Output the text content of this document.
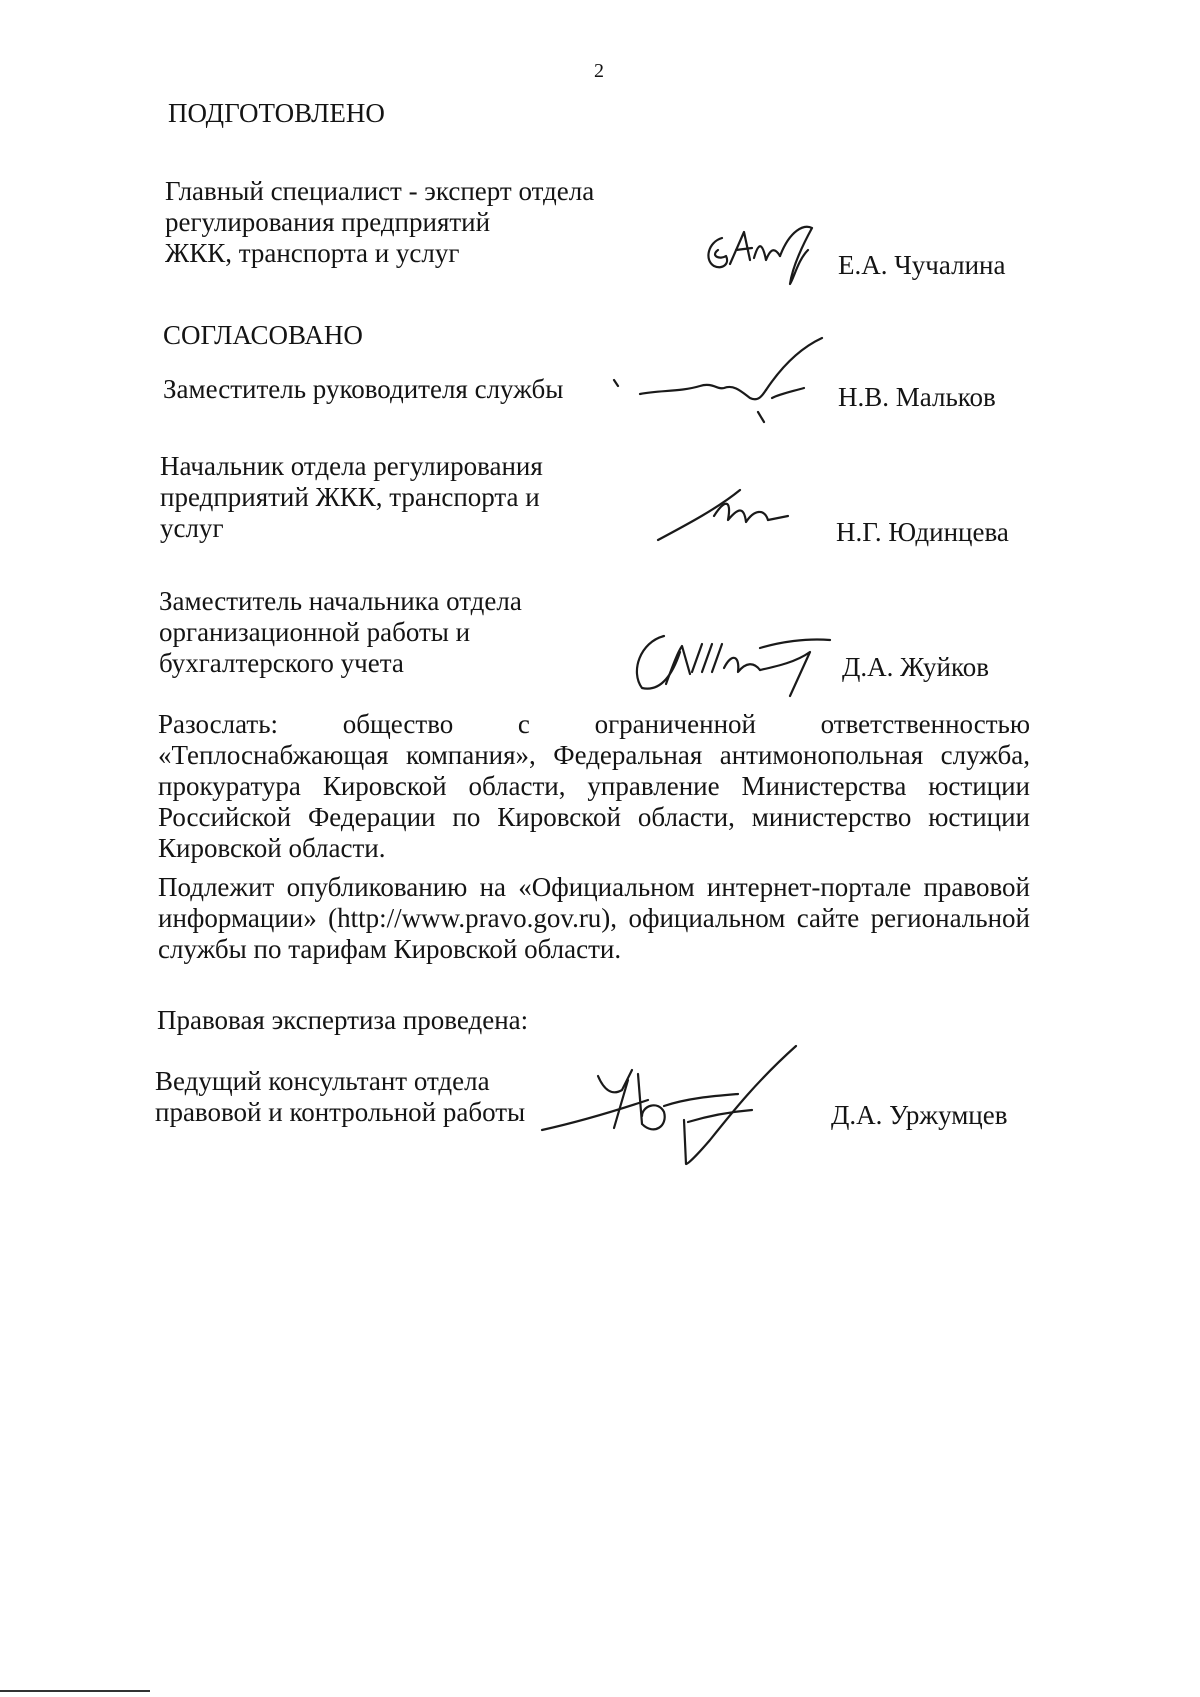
2
ПОДГОТОВЛЕНО
Главный специалист - эксперт отдела
регулирования предприятий
ЖКК, транспорта и услуг	Е.А. Чучалина
СОГЛАСОВАНО
Заместитель руководителя службы	Н.В. Мальков
Начальник отдела регулирования
предприятий ЖКК, транспорта и
услуг	Н.Г. Юдинцева
Заместитель начальника отдела
организационной работы и
бухгалтерского учета	Д.А. Жуйков
Разослать: общество с ограниченной ответственностью «Теплоснабжающая компания», Федеральная антимонопольная служба, прокуратура Кировской области, управление Министерства юстиции Российской Федерации по Кировской области, министерство юстиции Кировской области.
Подлежит опубликованию на «Официальном интернет-портале правовой информации» (http://www.pravo.gov.ru), официальном сайте региональной службы по тарифам Кировской области.
Правовая экспертиза проведена:
Ведущий консультант отдела
правовой и контрольной работы	Д.А. Уржумцев
